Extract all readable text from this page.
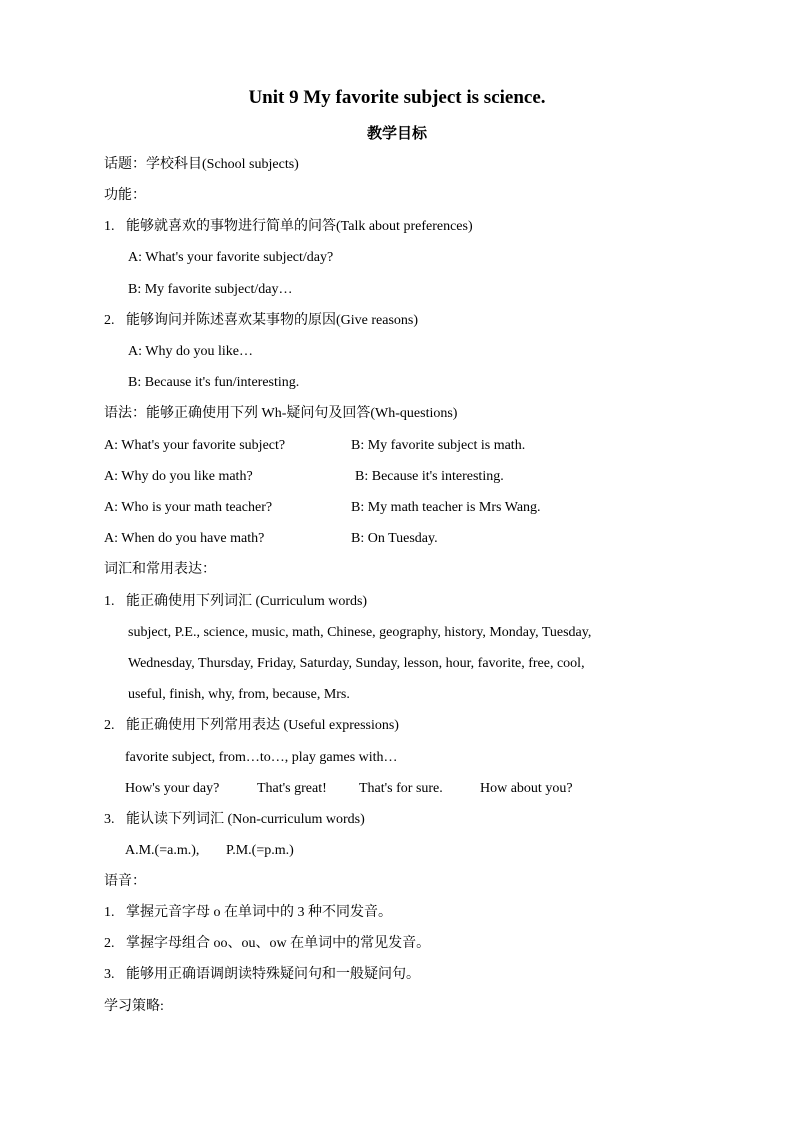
Unit 9 My favorite subject is science.
教学目标
话题：学校科目(School subjects)
功能：
1. 能够就喜欢的事物进行简单的问答(Talk about preferences)
A: What's your favorite subject/day?
B: My favorite subject/day…
2. 能够询问并陈述喜欢某事物的原因(Give reasons)
A: Why do you like…
B: Because it's fun/interesting.
语法：能够正确使用下列 Wh-疑问句及回答(Wh-questions)
A: What's your favorite subject?	B: My favorite subject is math.
A: Why do you like math?	B: Because it's interesting.
A: Who is your math teacher?	B: My math teacher is Mrs Wang.
A: When do you have math?	B: On Tuesday.
词汇和常用表达：
1. 能正确使用下列词汇 (Curriculum words)
subject, P.E., science, music, math, Chinese, geography, history, Monday, Tuesday,
Wednesday, Thursday, Friday, Saturday, Sunday, lesson, hour, favorite, free, cool,
useful, finish, why, from, because, Mrs.
2. 能正确使用下列常用表达 (Useful expressions)
favorite subject, from…to…, play games with…
How's your day?	That's great! That's for sure.	How about you?
3. 能认读下列词汇 (Non-curriculum words)
A.M.(=a.m.), P.M.(=p.m.)
语音：
1. 掌握元音字母 o 在单词中的 3 种不同发音。
2. 掌握字母组合 oo、ou、ow 在单词中的常见发音。
3. 能够用正确语调朗读特殊疑问句和一般疑问句。
学习策略:
